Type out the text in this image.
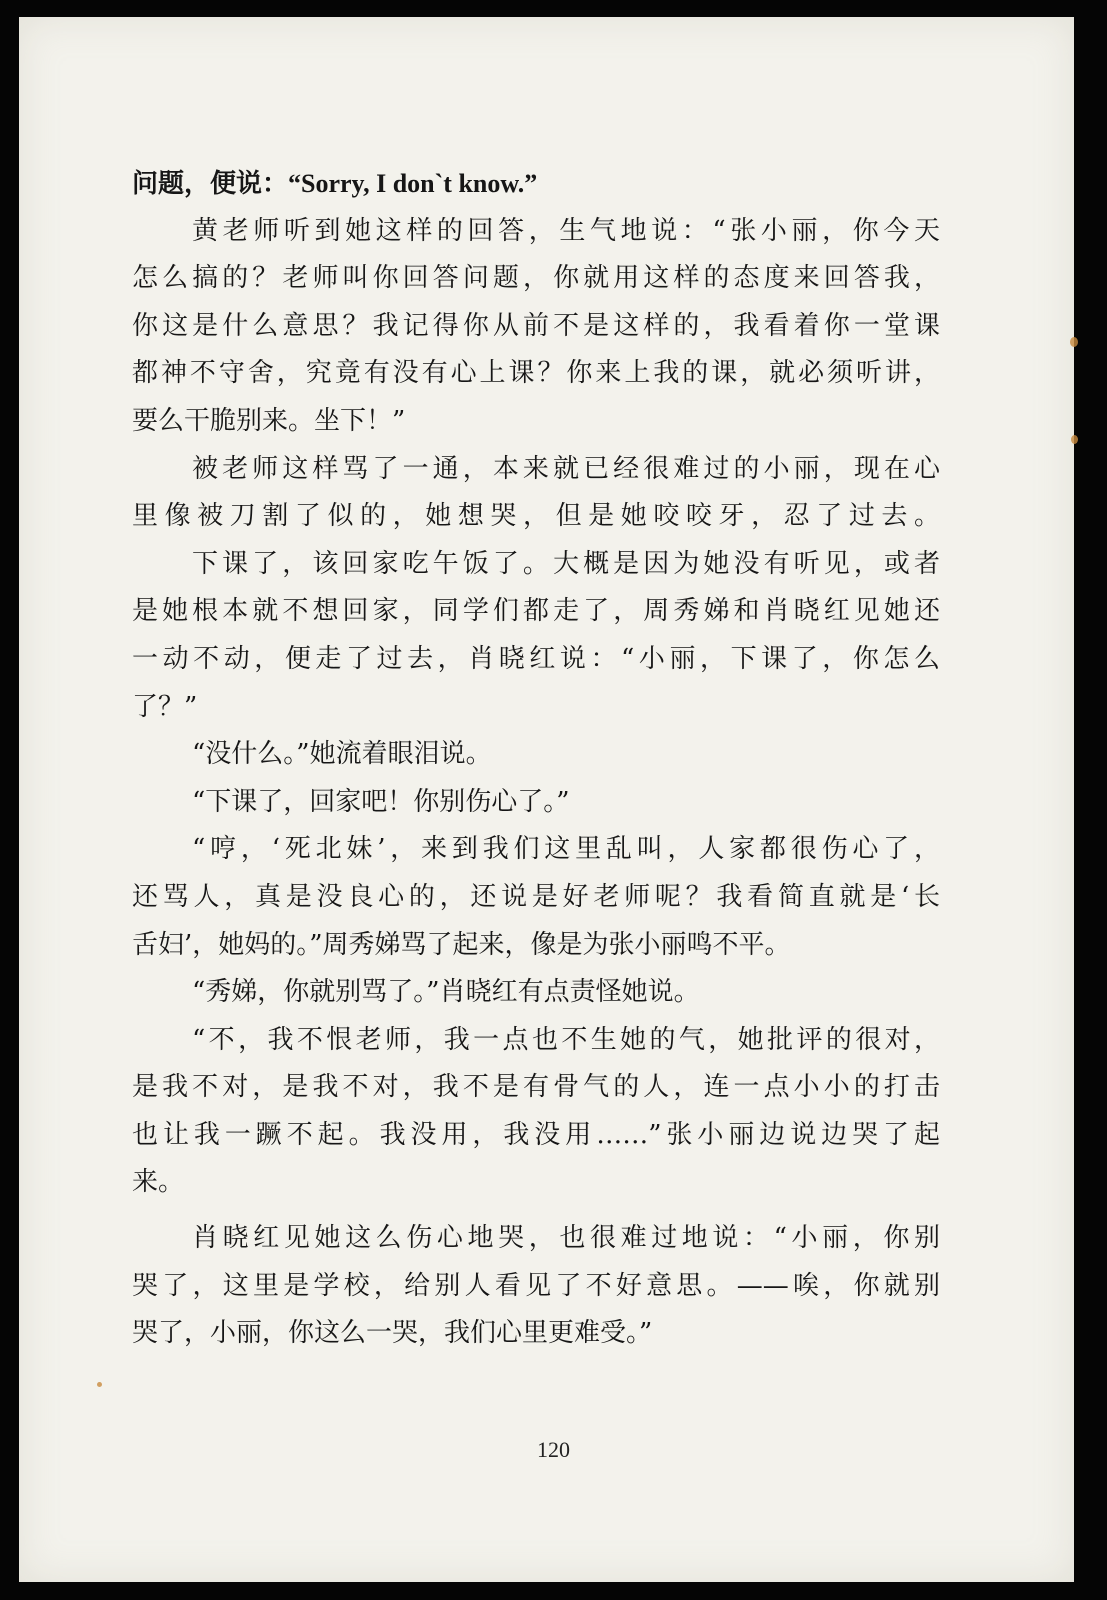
问题，便说：“Sorry, I don`t know.”
黄老师听到她这样的回答，生气地说：“张小丽，你今天
怎么搞的？老师叫你回答问题，你就用这样的态度来回答我，
你这是什么意思？我记得你从前不是这样的，我看着你一堂课
都神不守舍，究竟有没有心上课？你来上我的课，就必须听讲，
要么干脆别来。坐下！”
被老师这样骂了一通，本来就已经很难过的小丽，现在心
里像被刀割了似的，她想哭，但是她咬咬牙，忍了过去。
下课了，该回家吃午饭了。大概是因为她没有听见，或者
是她根本就不想回家，同学们都走了，周秀娣和肖晓红见她还
一动不动，便走了过去，肖晓红说：“小丽，下课了，你怎么
了？”
“没什么。”她流着眼泪说。
“下课了，回家吧！你别伤心了。”
“哼，‘死北妹’，来到我们这里乱叫，人家都很伤心了，
还骂人，真是没良心的，还说是好老师呢？我看简直就是‘长
舌妇’，她妈的。”周秀娣骂了起来，像是为张小丽鸣不平。
“秀娣，你就别骂了。”肖晓红有点责怪她说。
“不，我不恨老师，我一点也不生她的气，她批评的很对，
是我不对，是我不对，我不是有骨气的人，连一点小小的打击
也让我一蹶不起。我没用，我没用……”张小丽边说边哭了起
来。
肖晓红见她这么伤心地哭，也很难过地说：“小丽，你别
哭了，这里是学校，给别人看见了不好意思。——唉，你就别
哭了，小丽，你这么一哭，我们心里更难受。”
120
